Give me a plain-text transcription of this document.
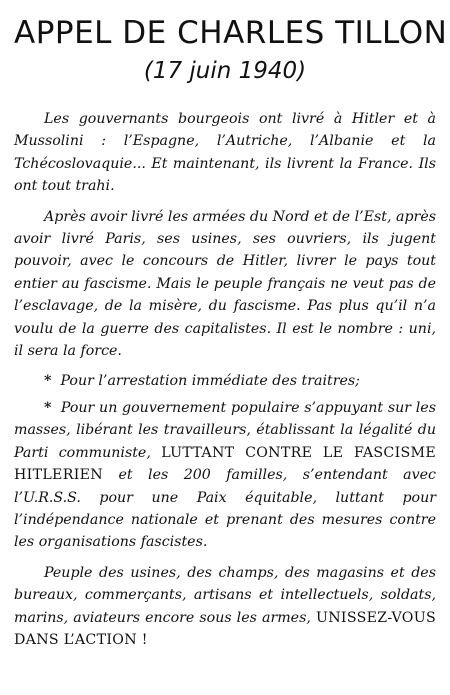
APPEL DE CHARLES TILLON
(17 juin 1940)

Les gouvernants bourgeois ont livré à Hitler et à Mussolini : l’Espagne, l’Autriche, l’Albanie et la Tchécoslovaquie... Et maintenant, ils livrent la France. Ils ont tout trahi.

Après avoir livré les armées du Nord et de l’Est, après avoir livré Paris, ses usines, ses ouvriers, ils jugent pouvoir, avec le concours de Hitler, livrer le pays tout entier au fascisme. Mais le peuple français ne veut pas de l’esclavage, de la misère, du fascisme. Pas plus qu’il n’a voulu de la guerre des capitalistes. Il est le nombre : uni, il sera la force.

* Pour l’arrestation immédiate des traitres;

* Pour un gouvernement populaire s’appuyant sur les masses, libérant les travailleurs, établissant la légalité du Parti communiste, LUTTANT CONTRE LE FASCISME HITLERIEN et les 200 familles, s’entendant avec l’U.R.S.S. pour une Paix équitable, luttant pour l’indépendance nationale et prenant des mesures contre les organisations fascistes.

Peuple des usines, des champs, des magasins et des bureaux, commerçants, artisans et intellectuels, soldats, marins, aviateurs encore sous les armes, UNISSEZ-VOUS DANS L’ACTION !
